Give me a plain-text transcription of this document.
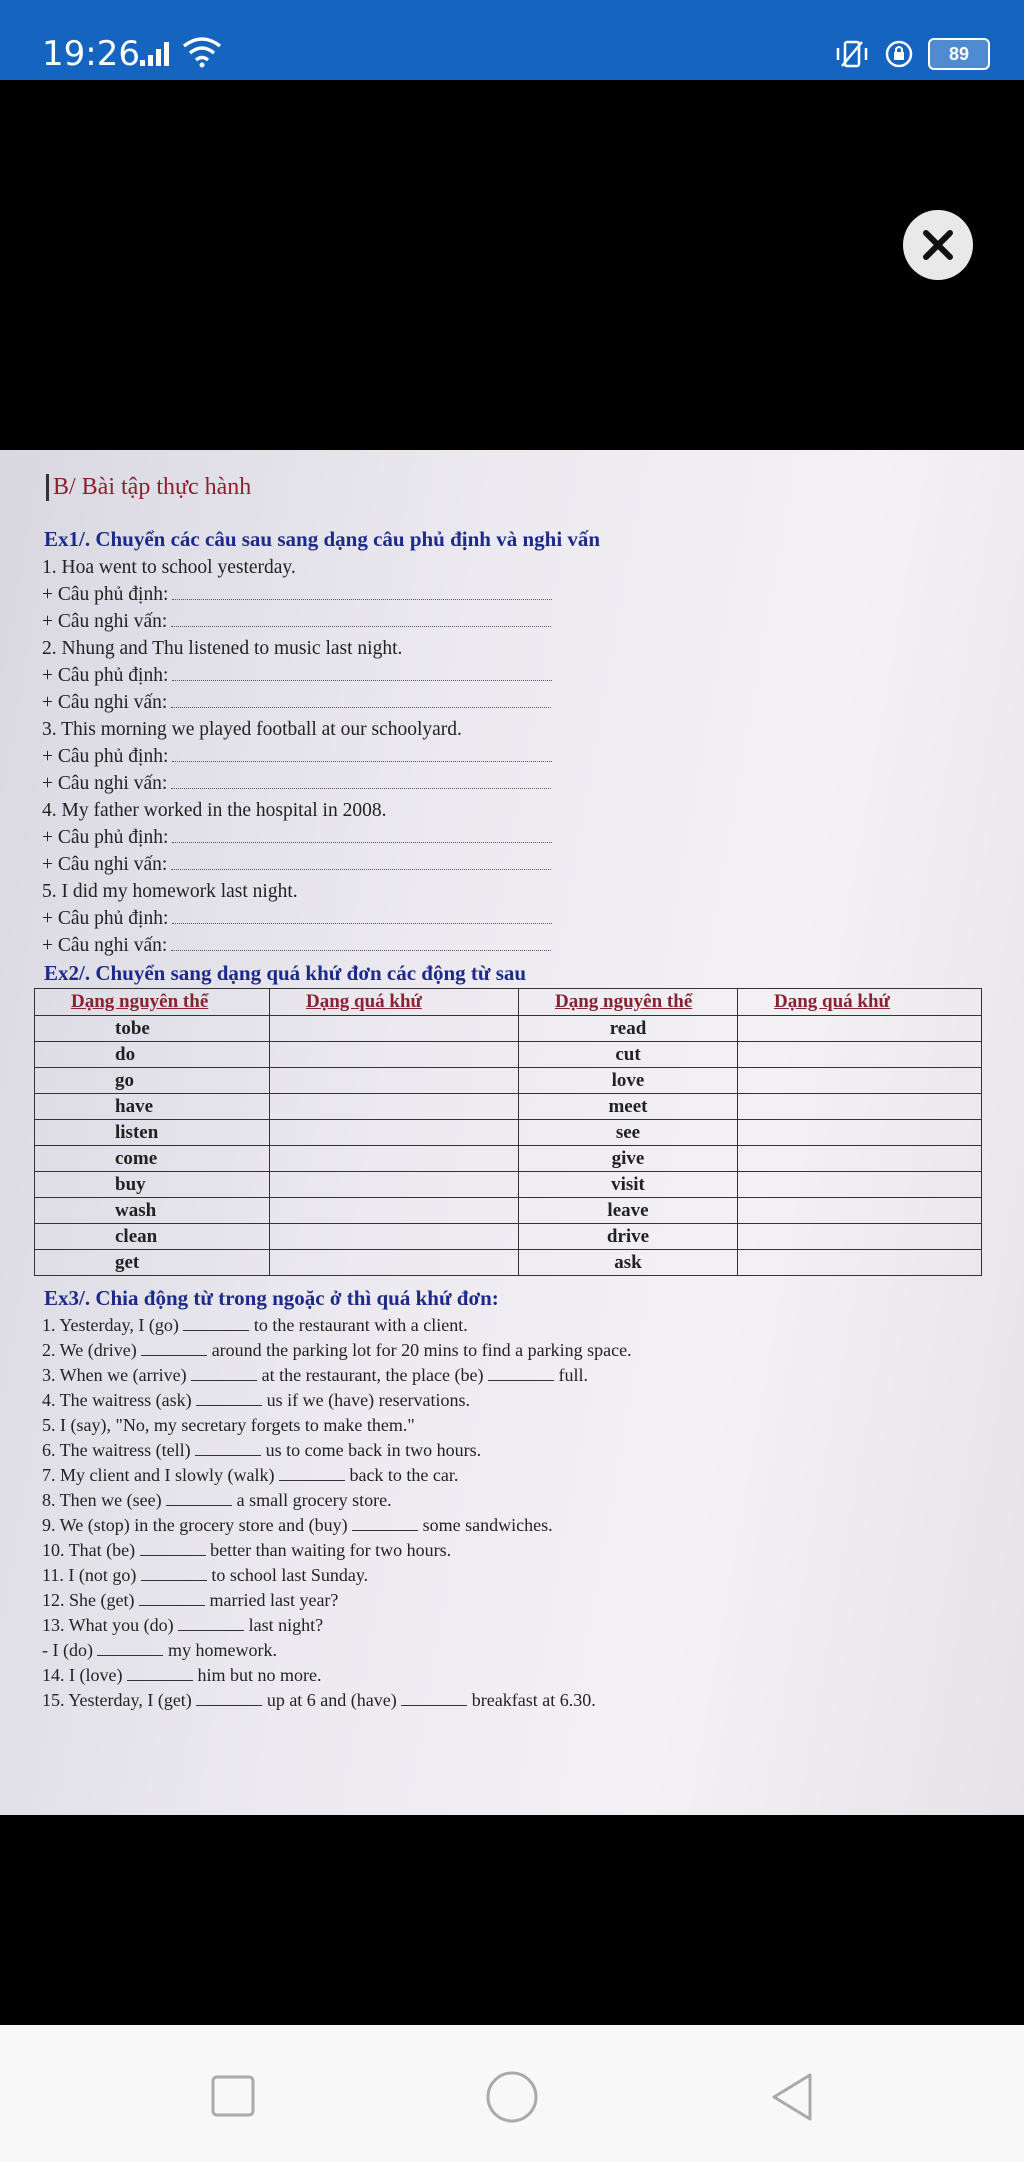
19:26	89
B/ Bài tập thực hành
Ex1/. Chuyển các câu sau sang dạng câu phủ định và nghi vấn
1. Hoa went to school yesterday.
+ Câu phủ định:
+ Câu nghi vấn:
2. Nhung and Thu listened to music last night.
+ Câu phủ định:
+ Câu nghi vấn:
3. This morning we played football at our schoolyard.
+ Câu phủ định:
+ Câu nghi vấn:
4. My father worked in the hospital in 2008.
+ Câu phủ định:
+ Câu nghi vấn:
5. I did my homework last night.
+ Câu phủ định:
+ Câu nghi vấn:
Ex2/. Chuyển sang dạng quá khứ đơn các động từ sau
Dạng nguyên thể	Dạng quá khứ	Dạng nguyên thể	Dạng quá khứ
tobe		read	
do		cut	
go		love	
have		meet	
listen		see	
come		give	
buy		visit	
wash		leave	
clean		drive	
get		ask	
Ex3/. Chia động từ trong ngoặc ở thì quá khứ đơn:
1. Yesterday, I (go)	to the restaurant with a client.
2. We (drive)	around the parking lot for 20 mins to find a parking space.
3. When we (arrive)	at the restaurant, the place (be)	full.
4. The waitress (ask)	us if we (have) reservations.
5. I (say), "No, my secretary forgets to make them."
6. The waitress (tell)	us to come back in two hours.
7. My client and I slowly (walk)	back to the car.
8. Then we (see)	a small grocery store.
9. We (stop) in the grocery store and (buy)	some sandwiches.
10. That (be)	better than waiting for two hours.
11. I (not go)	to school last Sunday.
12. She (get)	married last year?
13. What you (do)	last night?
- I (do)	my homework.
14. I (love)	him but no more.
15. Yesterday, I (get)	up at 6 and (have)	breakfast at 6.30.
